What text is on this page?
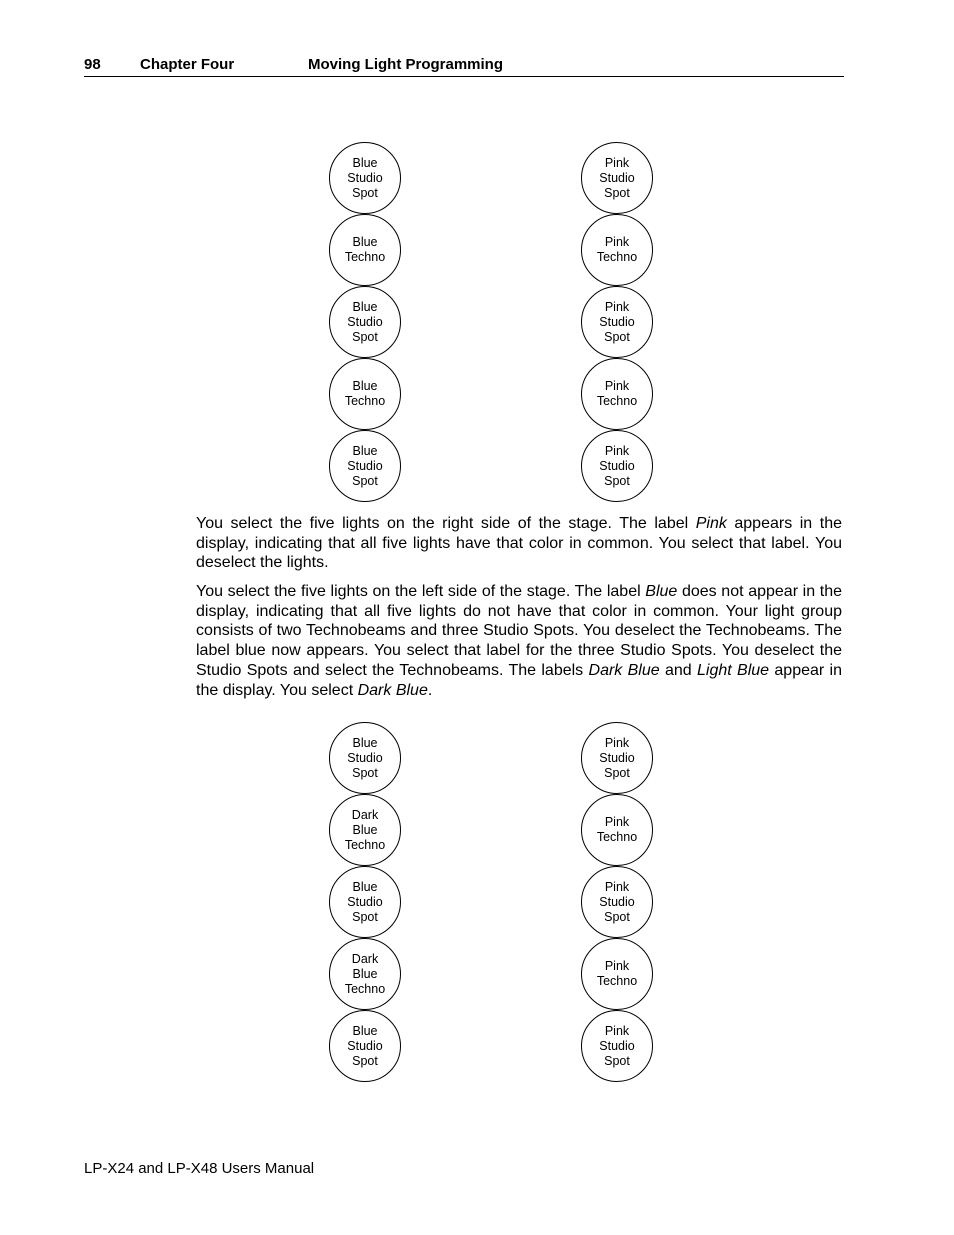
98	Chapter Four	Moving Light Programming
Blue
Studio
Spot
Blue
Techno
Blue
Studio
Spot
Blue
Techno
Blue
Studio
Spot
Pink
Studio
Spot
Pink
Techno
Pink
Studio
Spot
Pink
Techno
Pink
Studio
Spot

You select the five lights on the right side of the stage. The label Pink appears in the display, indicating that all five lights have that color in common. You select that label. You deselect the lights.

You select the five lights on the left side of the stage. The label Blue does not appear in the display, indicating that all five lights do not have that color in common. Your light group consists of two Technobeams and three Studio Spots. You deselect the Technobeams. The label blue now appears. You select that label for the three Studio Spots. You deselect the Studio Spots and select the Technobeams. The labels Dark Blue and Light Blue appear in the display. You select Dark Blue.

Blue
Studio
Spot
Dark
Blue
Techno
Blue
Studio
Spot
Dark
Blue
Techno
Blue
Studio
Spot
Pink
Studio
Spot
Pink
Techno
Pink
Studio
Spot
Pink
Techno
Pink
Studio
Spot
LP-X24 and LP-X48 Users Manual
